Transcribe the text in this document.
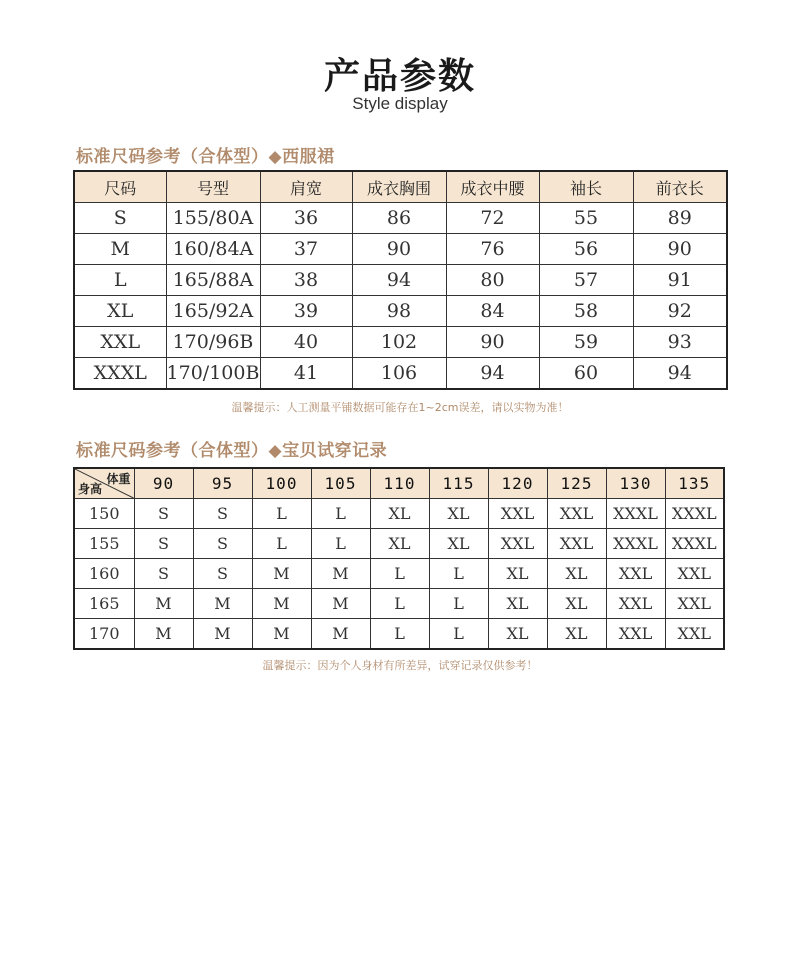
产品参数
Style display
标准尺码参考（合体型）◆西服裙
尺码	号型	肩宽	成衣胸围	成衣中腰	袖长	前衣长
S	155/80A	36	86	72	55	89
M	160/84A	37	90	76	56	90
L	165/88A	38	94	80	57	91
XL	165/92A	39	98	84	58	92
XXL	170/96B	40	102	90	59	93
XXXL	170/100B	41	106	94	60	94
温馨提示：人工测量平铺数据可能存在1~2cm误差，请以实物为准！
标准尺码参考（合体型）◆宝贝试穿记录
体重
身高	90	95	100	105	110	115	120	125	130	135
150	S	S	L	L	XL	XL	XXL	XXL	XXXL	XXXL
155	S	S	L	L	XL	XL	XXL	XXL	XXXL	XXXL
160	S	S	M	M	L	L	XL	XL	XXL	XXL
165	M	M	M	M	L	L	XL	XL	XXL	XXL
170	M	M	M	M	L	L	XL	XL	XXL	XXL
温馨提示：因为个人身材有所差异，试穿记录仅供参考！
